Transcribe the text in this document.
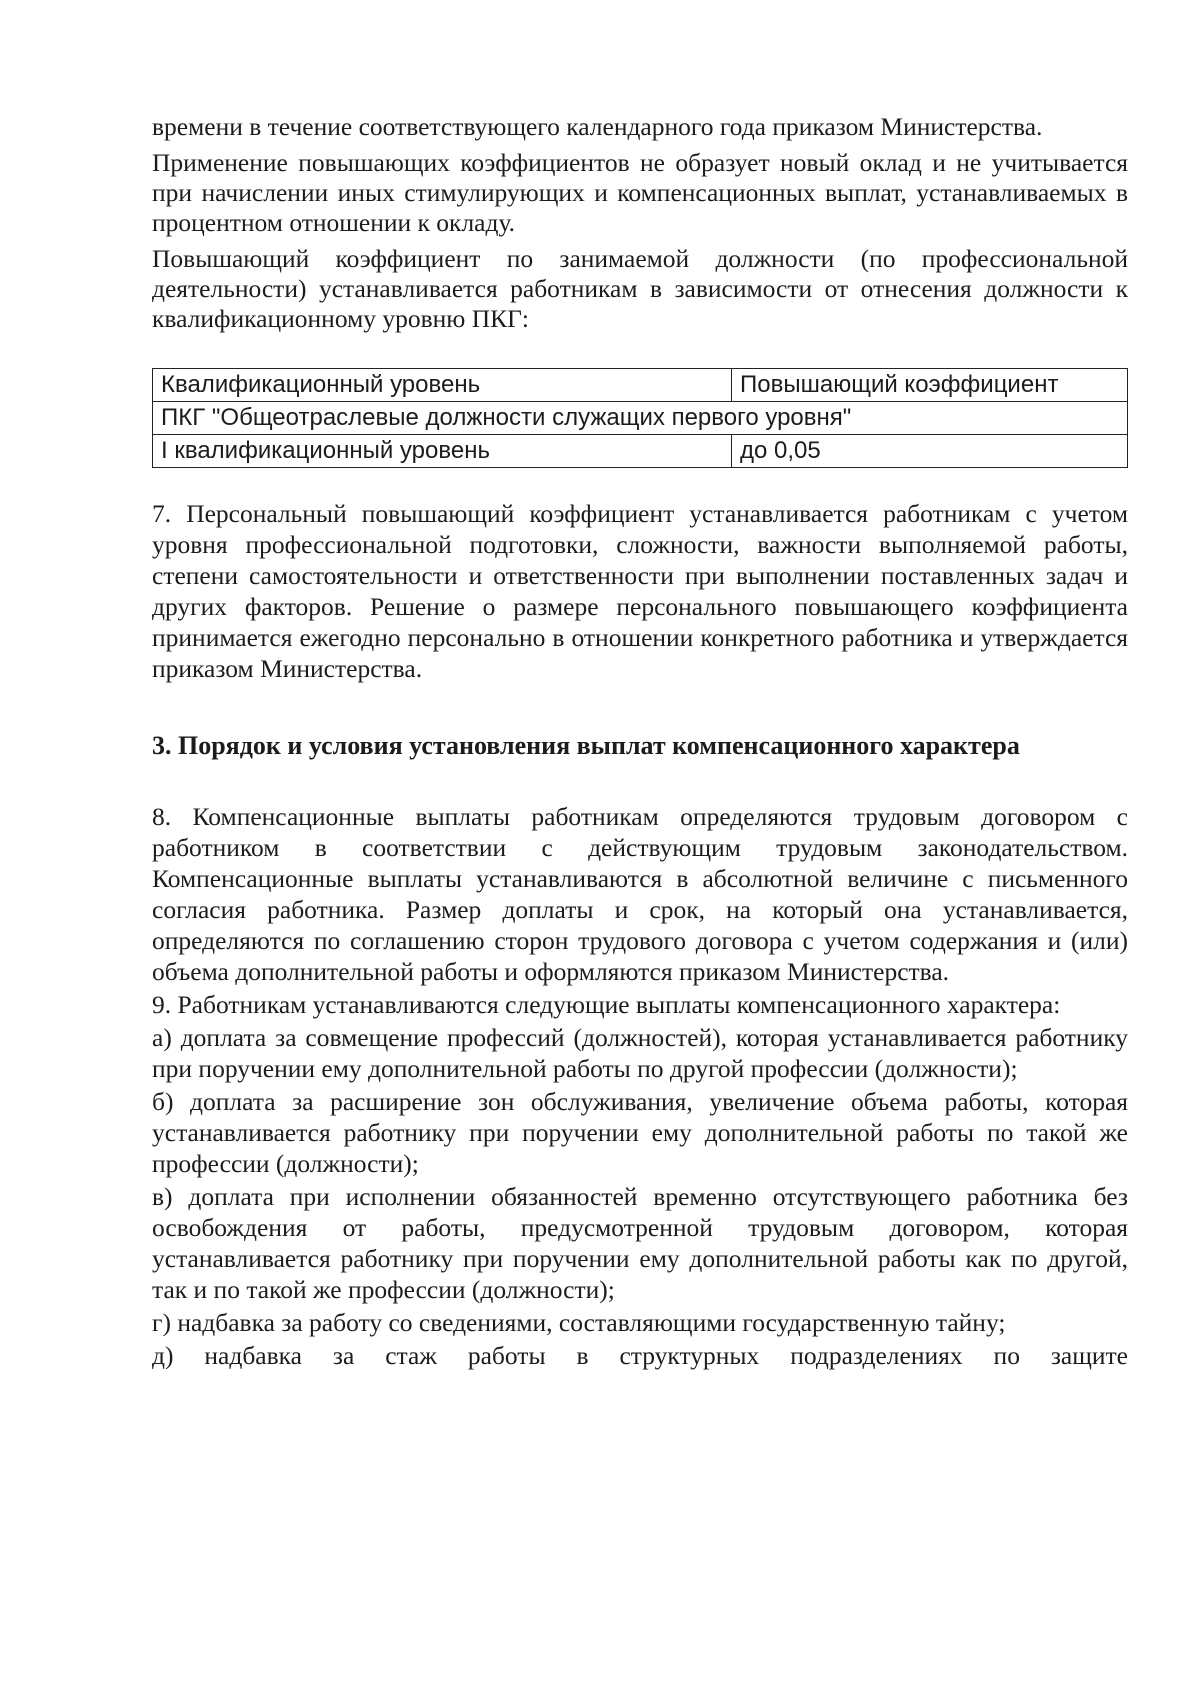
времени в течение соответствующего календарного года приказом Министерства.

Применение повышающих коэффициентов не образует новый оклад и не учитывается при начислении иных стимулирующих и компенсационных выплат, устанавливаемых в процентном отношении к окладу.

Повышающий коэффициент по занимаемой должности (по профессиональной деятельности) устанавливается работникам в зависимости от отнесения должности к квалификационному уровню ПКГ:

Квалификационный уровень	Повышающий коэффициент
ПКГ "Общеотраслевые должности служащих первого уровня"	
I квалификационный уровень	до 0,05

7. Персональный повышающий коэффициент устанавливается работникам с учетом уровня профессиональной подготовки, сложности, важности выполняемой работы, степени самостоятельности и ответственности при выполнении поставленных задач и других факторов. Решение о размере персонального повышающего коэффициента принимается ежегодно персонально в отношении конкретного работника и утверждается приказом Министерства.

3. Порядок и условия установления выплат компенсационного характера

8. Компенсационные выплаты работникам определяются трудовым договором с работником в соответствии с действующим трудовым законодательством. Компенсационные выплаты устанавливаются в абсолютной величине с письменного согласия работника. Размер доплаты и срок, на который она устанавливается, определяются по соглашению сторон трудового договора с учетом содержания и (или) объема дополнительной работы и оформляются приказом Министерства.

9. Работникам устанавливаются следующие выплаты компенсационного характера:

а) доплата за совмещение профессий (должностей), которая устанавливается работнику при поручении ему дополнительной работы по другой профессии (должности);

б) доплата за расширение зон обслуживания, увеличение объема работы, которая устанавливается работнику при поручении ему дополнительной работы по такой же профессии (должности);

в) доплата при исполнении обязанностей временно отсутствующего работника без освобождения от работы, предусмотренной трудовым договором, которая устанавливается работнику при поручении ему дополнительной работы как по другой, так и по такой же профессии (должности);

г) надбавка за работу со сведениями, составляющими государственную тайну;

д) надбавка за стаж работы в структурных подразделениях по защите
